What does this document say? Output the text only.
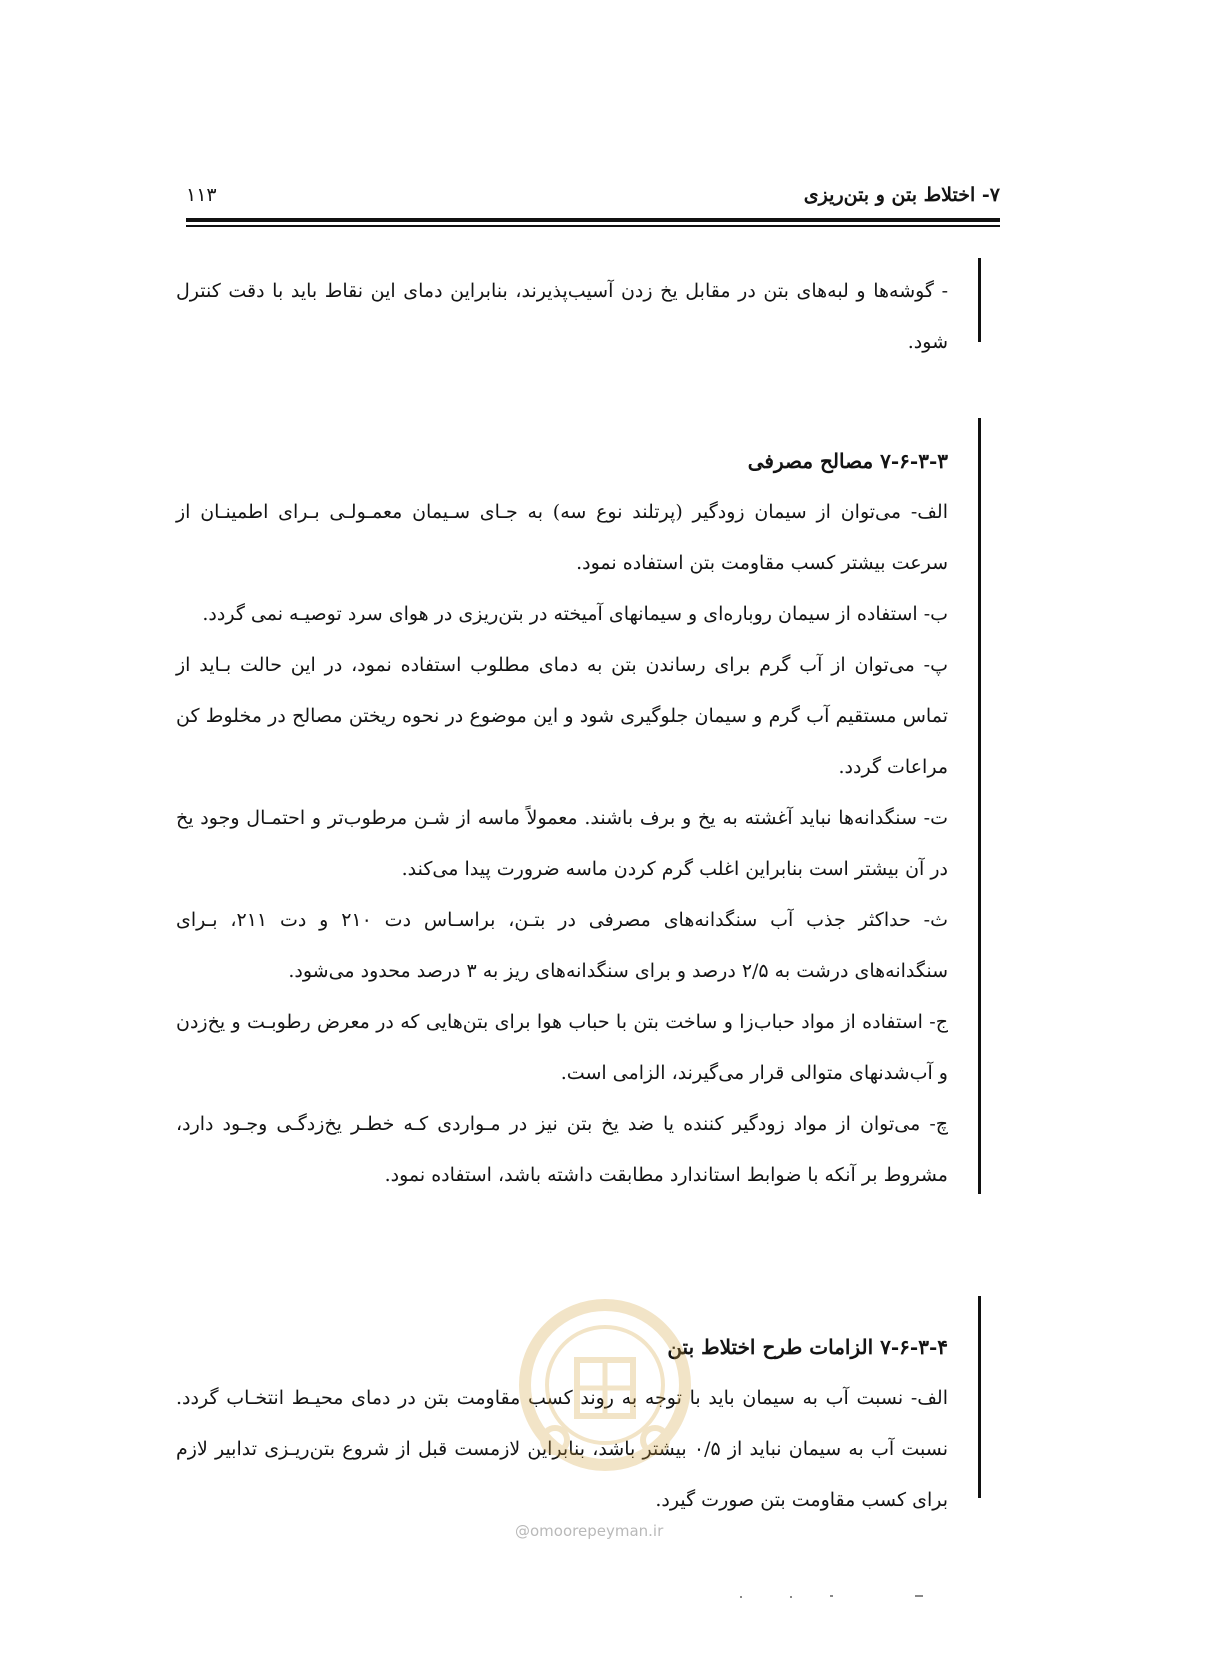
۷- اختلاط بتن و بتن‌ریزی
۱۱۳

- گوشه‌ها و لبه‌های بتن در مقابل یخ زدن آسیب‌پذیرند، بنابراین دمای این نقاط باید با دقت کنترل شود.

۷-۶-۳-۳ مصالح مصرفی

الف- می‌توان از سیمان زودگیر (پرتلند نوع سه) به جـای سـیمان معمـولـی بـرای اطمینـان از سرعت بیشتر کسب مقاومت بتن استفاده نمود.

ب- استفاده از سیمان روباره‌ای و سیمانهای آمیخته در بتن‌ریزی در هوای سرد توصیـه نمی گردد.

پ- می‌توان از آب گرم برای رساندن بتن به دمای مطلوب استفاده نمود، در این حالت بـاید از تماس مستقیم آب گرم و سیمان جلوگیری شود و این موضوع در نحوه ریختن مصالح در مخلوط کن مراعات گردد.

ت- سنگدانه‌ها نباید آغشته به یخ و برف باشند. معمولاً ماسه از شـن مرطوب‌تر و احتمـال وجود یخ در آن بیشتر است بنابراین اغلب گرم کردن ماسه ضرورت پیدا می‌کند.

ث- حداکثر جذب آب سنگدانه‌های مصرفی در بتـن، براسـاس دت ۲۱۰ و دت ۲۱۱، بـرای سنگدانه‌های درشت به ۲/۵ درصد و برای سنگدانه‌های ریز به ۳ درصد محدود می‌شود.

ج- استفاده از مواد حباب‌زا و ساخت بتن با حباب هوا برای بتن‌هایی که در معرض رطوبـت و یخ‌زدن و آب‌شدنهای متوالی قرار می‌گیرند، الزامی است.

چ- می‌توان از مواد زودگیر کننده یا ضد یخ بتن نیز در مـواردی کـه خطـر یخ‌زدگـی وجـود دارد، مشروط بر آنکه با ضوابط استاندارد مطابقت داشته باشد، استفاده نمود.

۷-۶-۳-۴ الزامات طرح اختلاط بتن

الف- نسبت آب به سیمان باید با توجه به روند کسب مقاومت بتن در دمای محیـط انتخـاب گردد. نسبت آب به سیمان نباید از ۰/۵ بیشتر باشد، بنابراین لازمست قبل از شروع بتن‌ریـزی تدابیر لازم برای کسب مقاومت بتن صورت گیرد.

@omoorepeyman.ir
